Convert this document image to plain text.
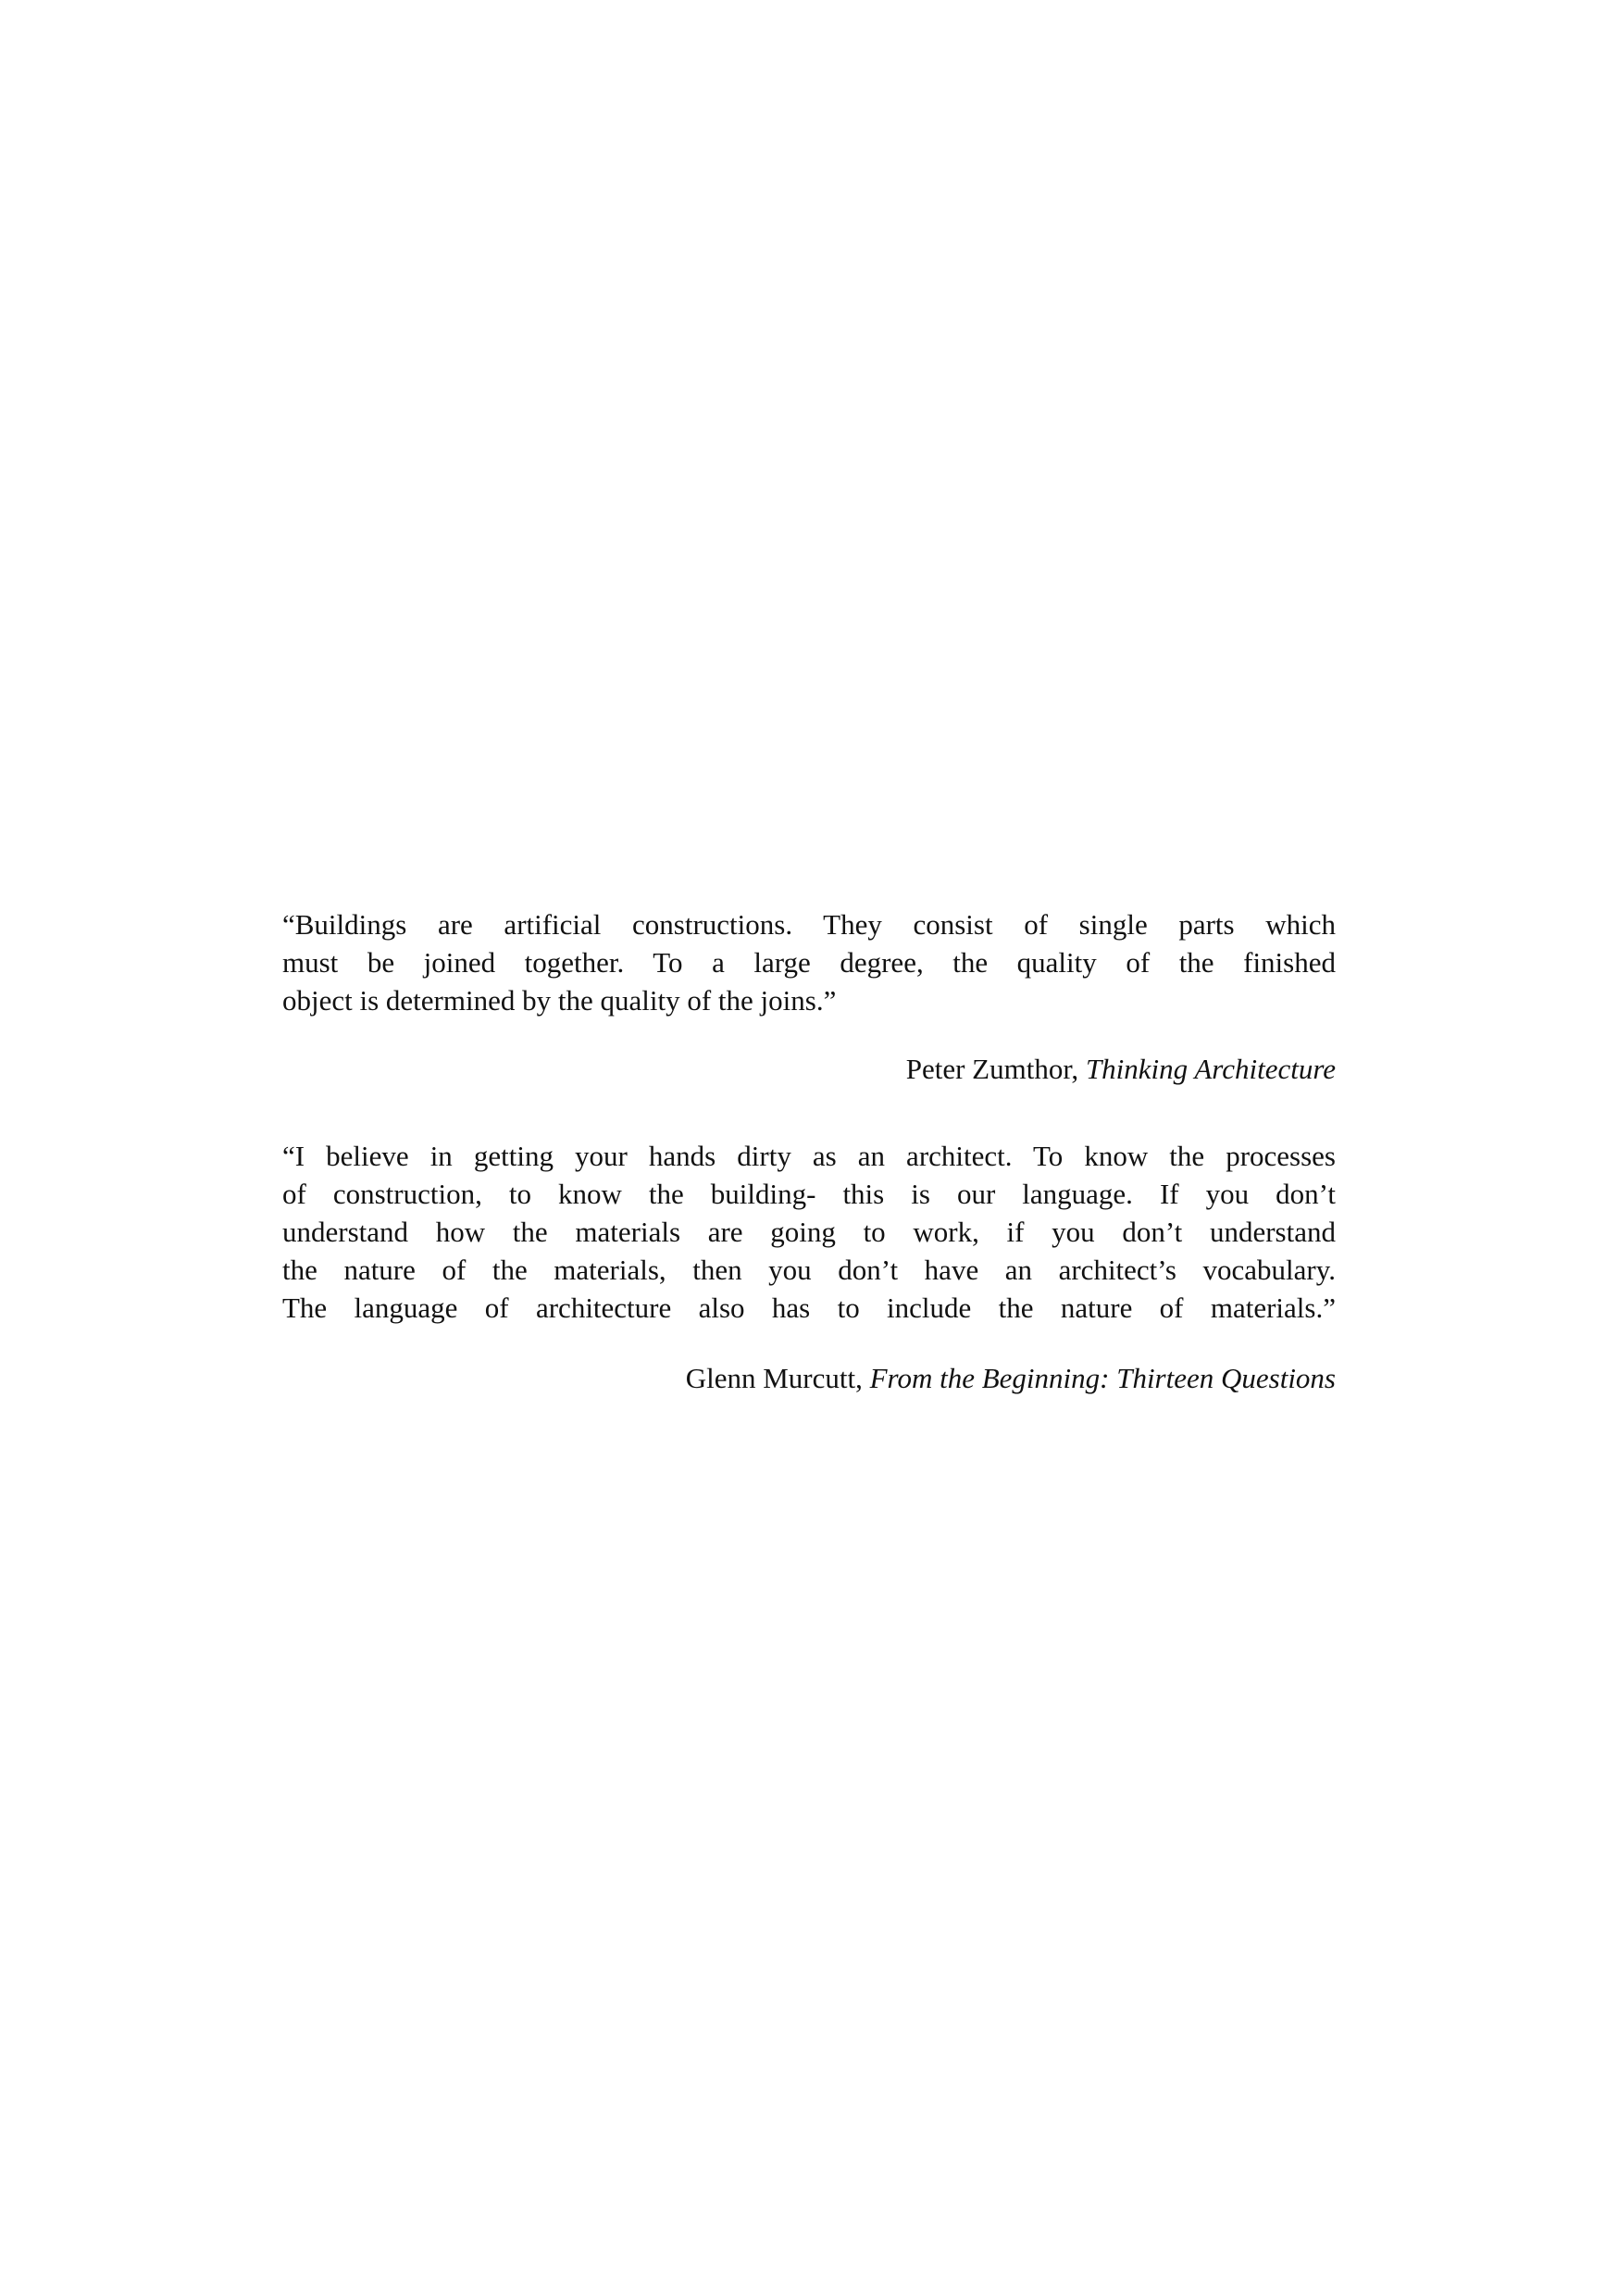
“Buildings are artificial constructions. They consist of single parts which
must be joined together. To a large degree, the quality of the finished
object is determined by the quality of the joins.”
Peter Zumthor, Thinking Architecture
“I believe in getting your hands dirty as an architect. To know the processes
of construction, to know the building- this is our language. If you don’t
understand how the materials are going to work, if you don’t understand
the nature of the materials, then you don’t have an architect’s vocabulary.
The language of architecture also has to include the nature of materials.”
Glenn Murcutt, From the Beginning: Thirteen Questions
